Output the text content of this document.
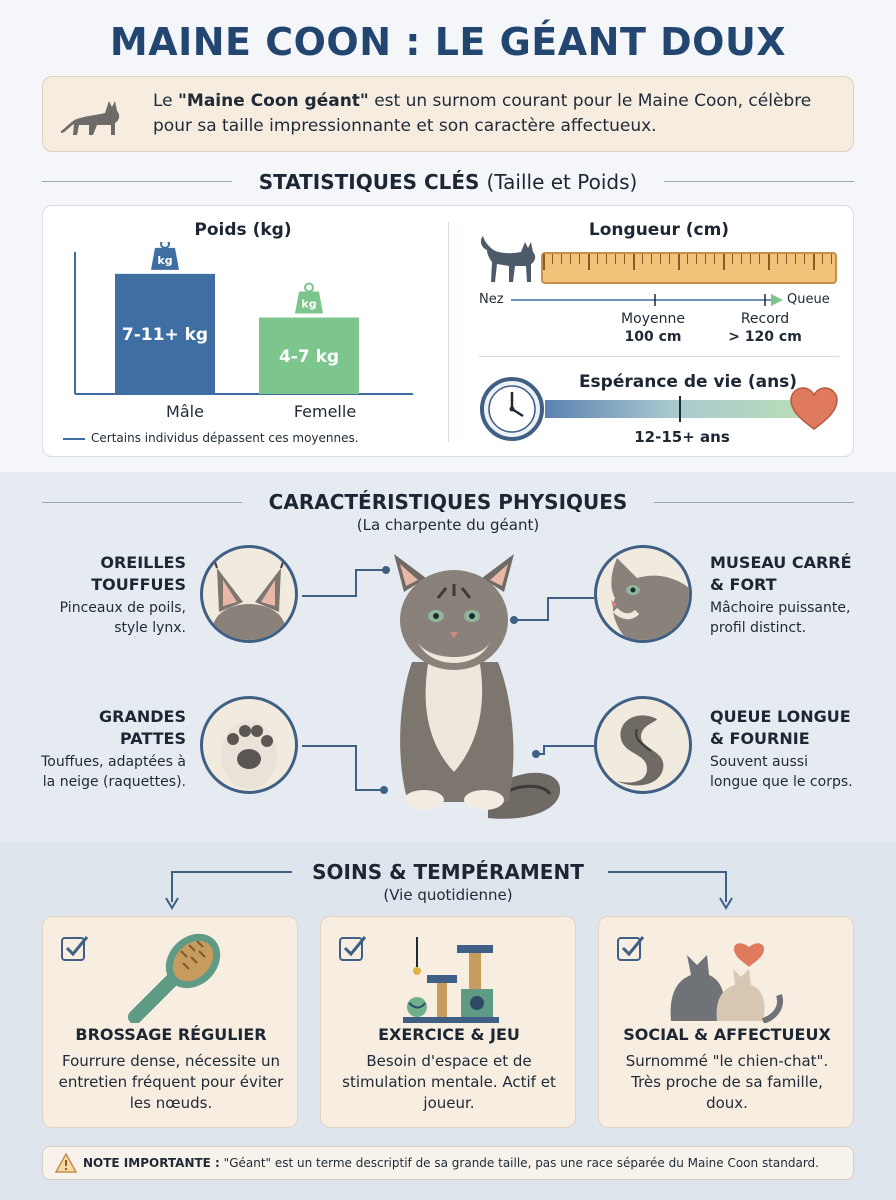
MAINE COON : LE GÉANT DOUX

Le "Maine Coon géant" est un surnom courant pour le Maine Coon, célèbre pour sa taille impressionnante et son caractère affectueux.

STATISTIQUES CLÉS (Taille et Poids)
Poids (kg)
7-11+ kg
kg
4-7 kg
kg
Mâle	Femelle
Certains individus dépassent ces moyennes.
Longueur (cm)
Nez	Queue
Moyenne
100 cm
Record
> 120 cm
Espérance de vie (ans)
12-15+ ans
CARACTÉRISTIQUES PHYSIQUES
(La charpente du géant)
OREILLES
TOUFFUES
Pinceaux de poils,
style lynx.
GRANDES
PATTES
Touffues, adaptées à
la neige (raquettes).
MUSEAU CARRÉ
& FORT
Mâchoire puissante,
profil distinct.
QUEUE LONGUE
& FOURNIE
Souvent aussi
longue que le corps.
SOINS & TEMPÉRAMENT
(Vie quotidienne)
BROSSAGE RÉGULIER
Fourrure dense, nécessite un entretien fréquent pour éviter les nœuds.
EXERCICE & JEU
Besoin d'espace et de stimulation mentale. Actif et joueur.
SOCIAL & AFFECTUEUX
Surnommé "le chien-chat". Très proche de sa famille, doux.
NOTE IMPORTANTE : "Géant" est un terme descriptif de sa grande taille, pas une race séparée du Maine Coon standard.
